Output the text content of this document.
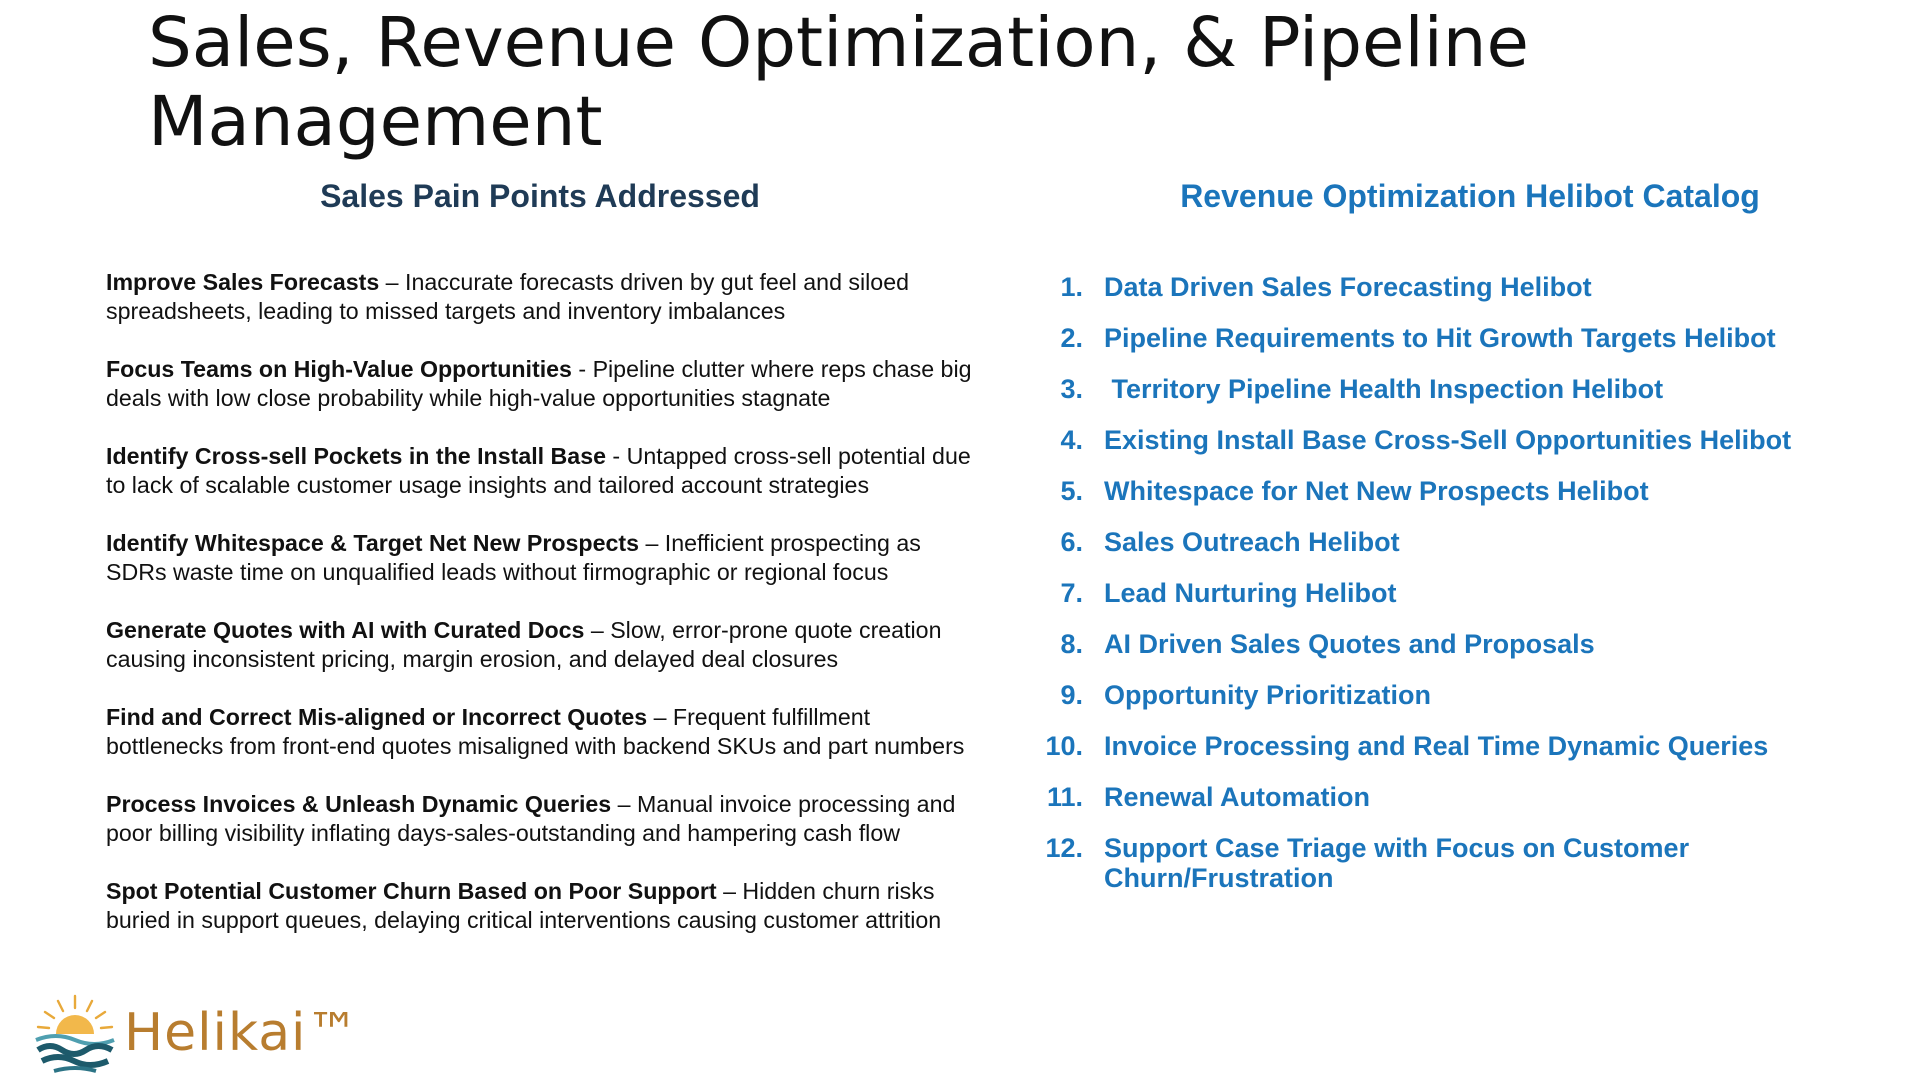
Sales, Revenue Optimization, & Pipeline Management
Sales Pain Points Addressed	Revenue Optimization Helibot Catalog
Improve Sales Forecasts – Inaccurate forecasts driven by gut feel and siloed spreadsheets, leading to missed targets and inventory imbalances
Focus Teams on High-Value Opportunities - Pipeline clutter where reps chase big deals with low close probability while high-value opportunities stagnate
Identify Cross-sell Pockets in the Install Base - Untapped cross-sell potential due to lack of scalable customer usage insights and tailored account strategies
Identify Whitespace & Target Net New Prospects – Inefficient prospecting as SDRs waste time on unqualified leads without firmographic or regional focus
Generate Quotes with AI with Curated Docs – Slow, error-prone quote creation causing inconsistent pricing, margin erosion, and delayed deal closures
Find and Correct Mis-aligned or Incorrect Quotes – Frequent fulfillment bottlenecks from front-end quotes misaligned with backend SKUs and part numbers
Process Invoices & Unleash Dynamic Queries – Manual invoice processing and poor billing visibility inflating days-sales-outstanding and hampering cash flow
Spot Potential Customer Churn Based on Poor Support – Hidden churn risks buried in support queues, delaying critical interventions causing customer attrition
1. Data Driven Sales Forecasting Helibot
2. Pipeline Requirements to Hit Growth Targets Helibot
3. Territory Pipeline Health Inspection Helibot
4. Existing Install Base Cross-Sell Opportunities Helibot
5. Whitespace for Net New Prospects Helibot
6. Sales Outreach Helibot
7. Lead Nurturing Helibot
8. AI Driven Sales Quotes and Proposals
9. Opportunity Prioritization
10. Invoice Processing and Real Time Dynamic Queries
11. Renewal Automation
12. Support Case Triage with Focus on Customer Churn/Frustration
Helikai™
